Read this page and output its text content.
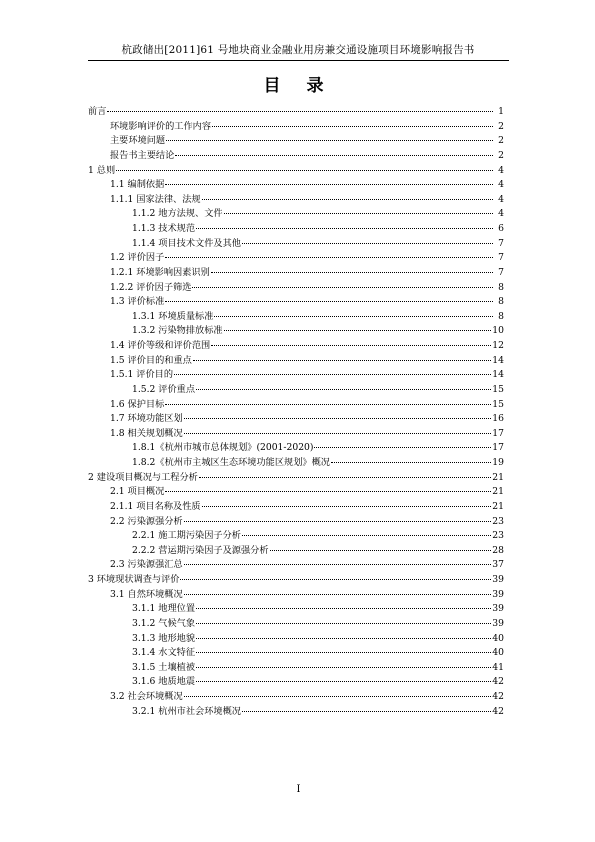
杭政储出[2011]61 号地块商业金融业用房兼交通设施项目环境影响报告书
目 录
前言	1
环境影响评价的工作内容	2
主要环境问题	2
报告书主要结论	2
1 总则	4
1.1 编制依据	4
1.1.1 国家法律、法规	4
1.1.2 地方法规、文件	4
1.1.3 技术规范	6
1.1.4 项目技术文件及其他	7
1.2 评价因子	7
1.2.1 环境影响因素识别	7
1.2.2 评价因子筛选	8
1.3 评价标准	8
1.3.1 环境质量标准	8
1.3.2 污染物排放标准	10
1.4 评价等级和评价范围	12
1.5 评价目的和重点	14
1.5.1 评价目的	14
1.5.2 评价重点	15
1.6 保护目标	15
1.7 环境功能区划	16
1.8 相关规划概况	17
1.8.1《杭州市城市总体规划》(2001-2020)	17
1.8.2《杭州市主城区生态环境功能区规划》概况	19
2 建设项目概况与工程分析	21
2.1 项目概况	21
2.1.1 项目名称及性质	21
2.2 污染源强分析	23
2.2.1 施工期污染因子分析	23
2.2.2 营运期污染因子及源强分析	28
2.3 污染源强汇总	37
3 环境现状调查与评价	39
3.1 自然环境概况	39
3.1.1 地理位置	39
3.1.2 气候气象	39
3.1.3 地形地貌	40
3.1.4 水文特征	40
3.1.5 土壤植被	41
3.1.6 地质地震	42
3.2 社会环境概况	42
3.2.1 杭州市社会环境概况	42
I
